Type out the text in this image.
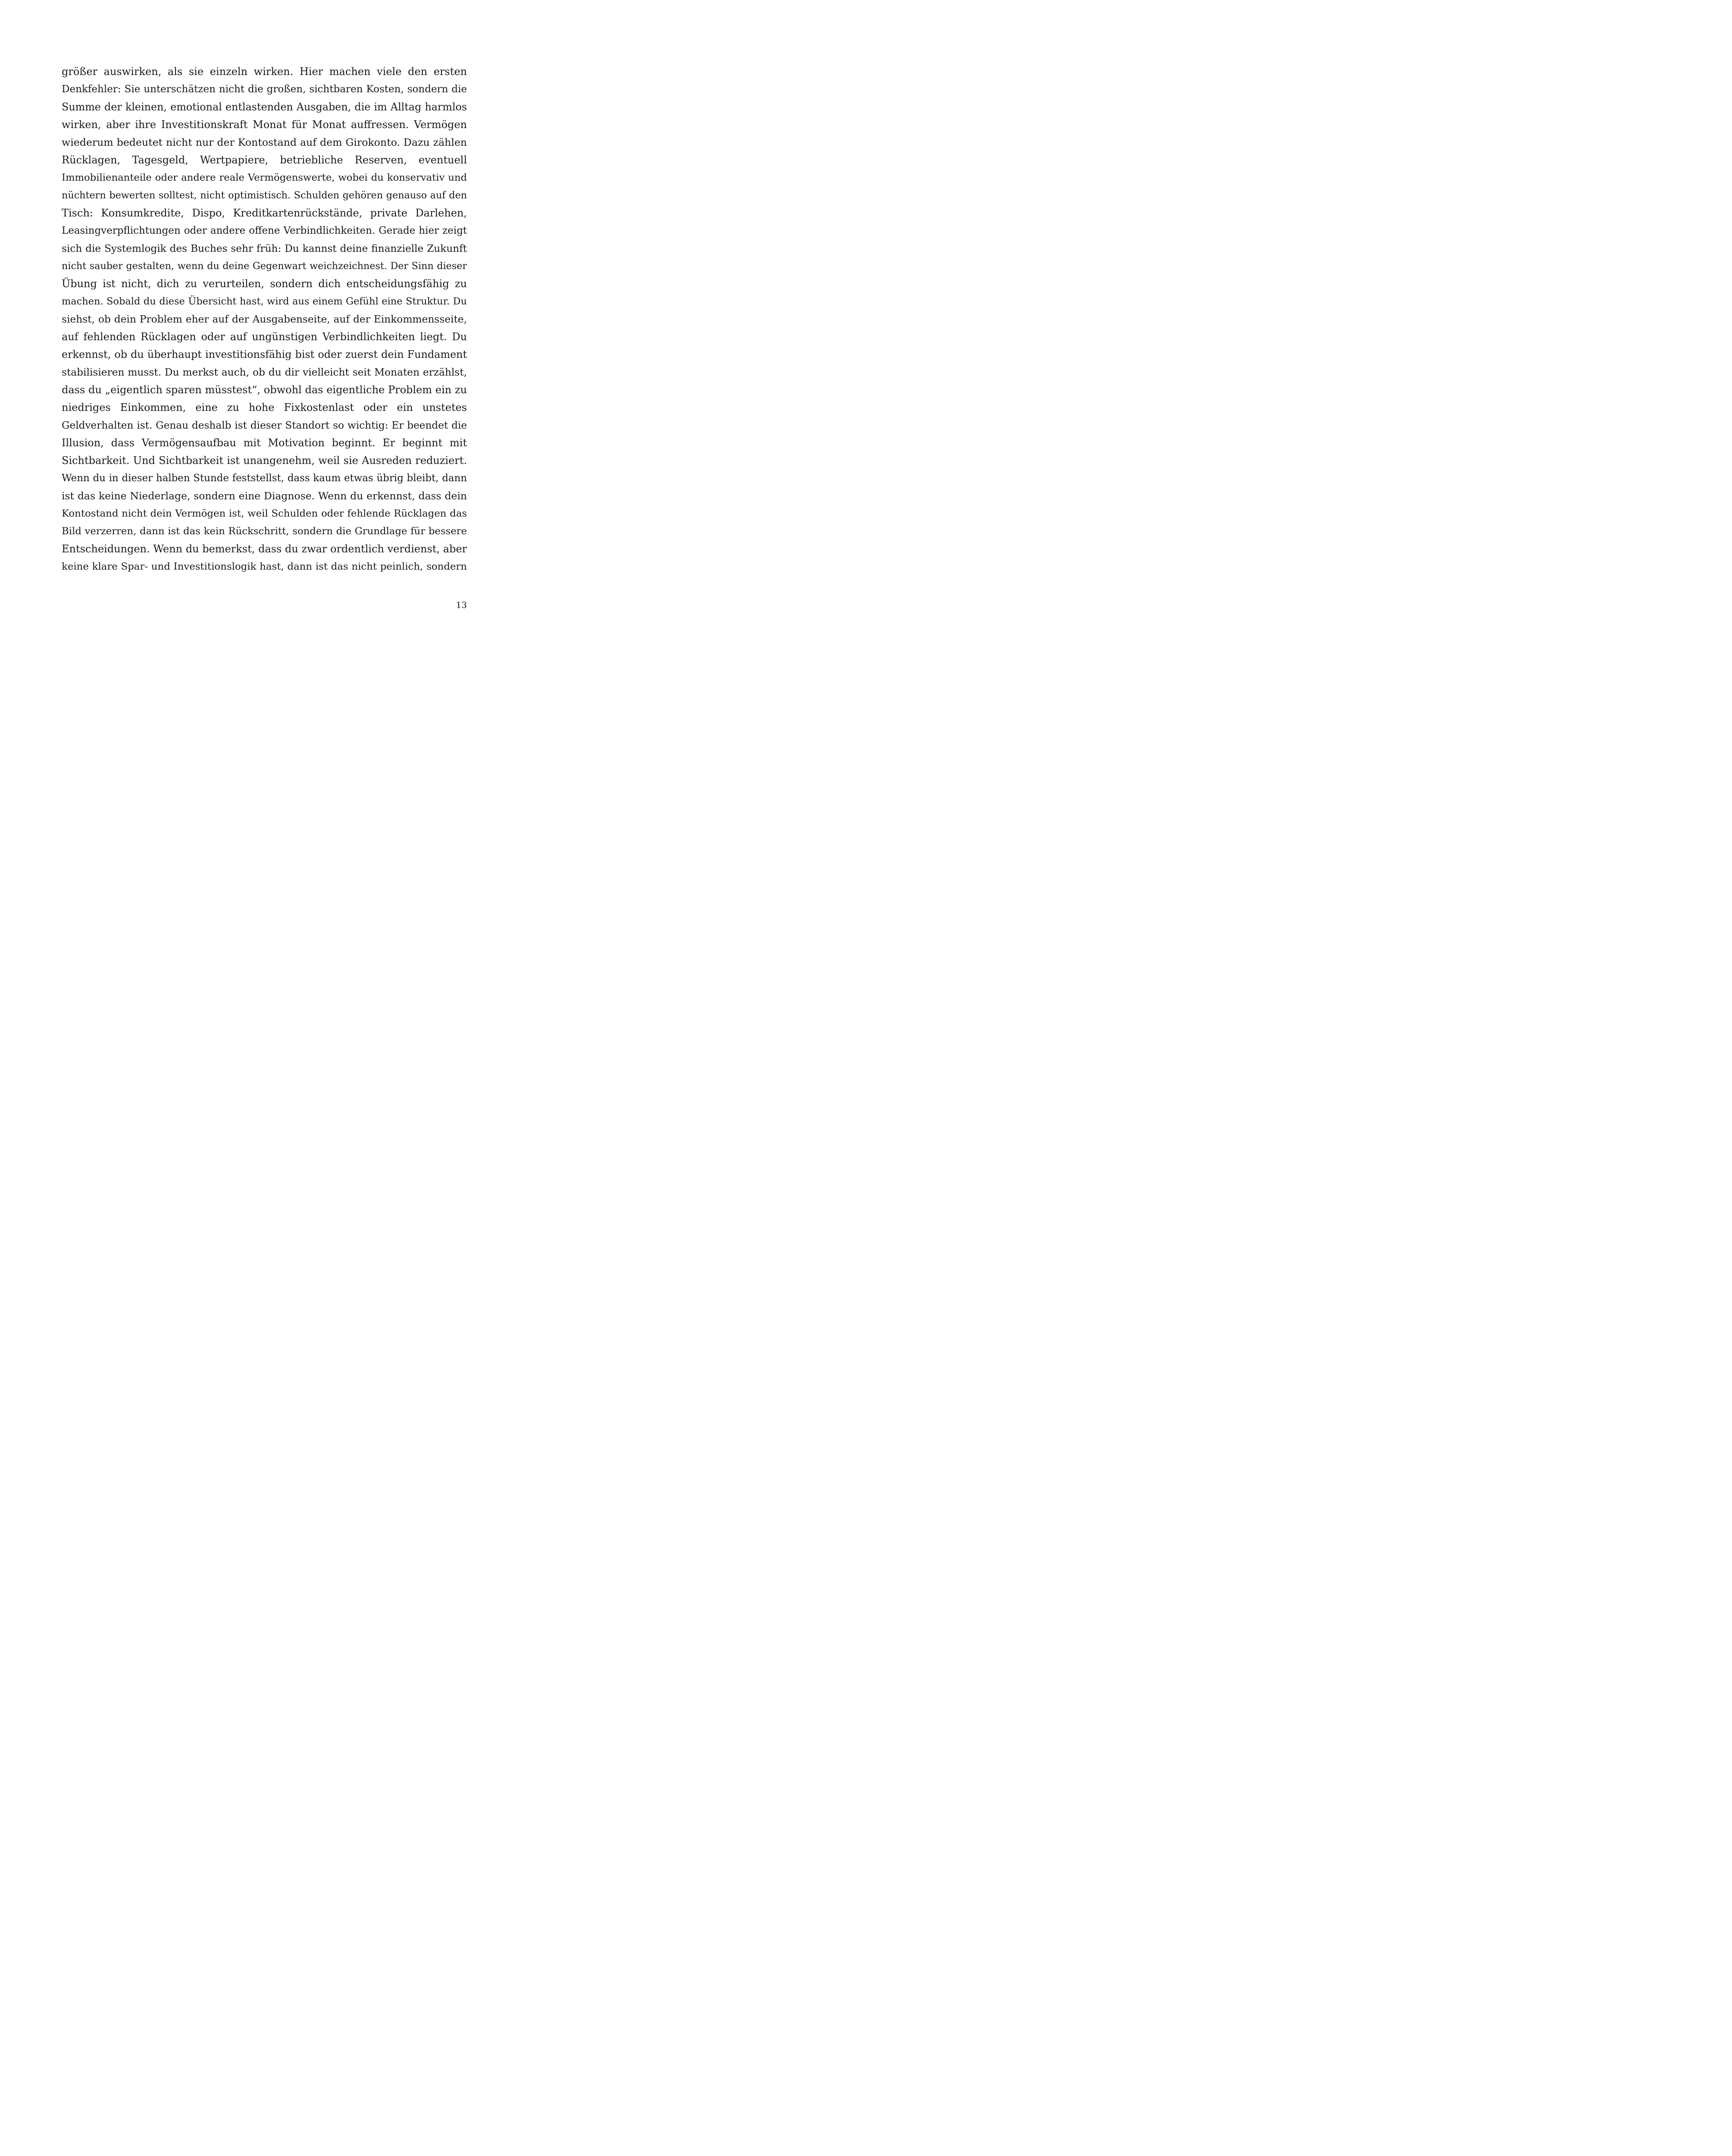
größer auswirken, als sie einzeln wirken. Hier machen viele den ersten
Denkfehler: Sie unterschätzen nicht die großen, sichtbaren Kosten, sondern die
Summe der kleinen, emotional entlastenden Ausgaben, die im Alltag harmlos
wirken, aber ihre Investitionskraft Monat für Monat auffressen. Vermögen
wiederum bedeutet nicht nur der Kontostand auf dem Girokonto. Dazu zählen
Rücklagen, Tagesgeld, Wertpapiere, betriebliche Reserven, eventuell
Immobilienanteile oder andere reale Vermögenswerte, wobei du konservativ und
nüchtern bewerten solltest, nicht optimistisch. Schulden gehören genauso auf den
Tisch: Konsumkredite, Dispo, Kreditkartenrückstände, private Darlehen,
Leasingverpflichtungen oder andere offene Verbindlichkeiten. Gerade hier zeigt
sich die Systemlogik des Buches sehr früh: Du kannst deine finanzielle Zukunft
nicht sauber gestalten, wenn du deine Gegenwart weichzeichnest. Der Sinn dieser
Übung ist nicht, dich zu verurteilen, sondern dich entscheidungsfähig zu
machen. Sobald du diese Übersicht hast, wird aus einem Gefühl eine Struktur. Du
siehst, ob dein Problem eher auf der Ausgabenseite, auf der Einkommensseite,
auf fehlenden Rücklagen oder auf ungünstigen Verbindlichkeiten liegt. Du
erkennst, ob du überhaupt investitionsfähig bist oder zuerst dein Fundament
stabilisieren musst. Du merkst auch, ob du dir vielleicht seit Monaten erzählst,
dass du „eigentlich sparen müsstest“, obwohl das eigentliche Problem ein zu
niedriges Einkommen, eine zu hohe Fixkostenlast oder ein unstetes
Geldverhalten ist. Genau deshalb ist dieser Standort so wichtig: Er beendet die
Illusion, dass Vermögensaufbau mit Motivation beginnt. Er beginnt mit
Sichtbarkeit. Und Sichtbarkeit ist unangenehm, weil sie Ausreden reduziert.
Wenn du in dieser halben Stunde feststellst, dass kaum etwas übrig bleibt, dann
ist das keine Niederlage, sondern eine Diagnose. Wenn du erkennst, dass dein
Kontostand nicht dein Vermögen ist, weil Schulden oder fehlende Rücklagen das
Bild verzerren, dann ist das kein Rückschritt, sondern die Grundlage für bessere
Entscheidungen. Wenn du bemerkst, dass du zwar ordentlich verdienst, aber
keine klare Spar- und Investitionslogik hast, dann ist das nicht peinlich, sondern
13
